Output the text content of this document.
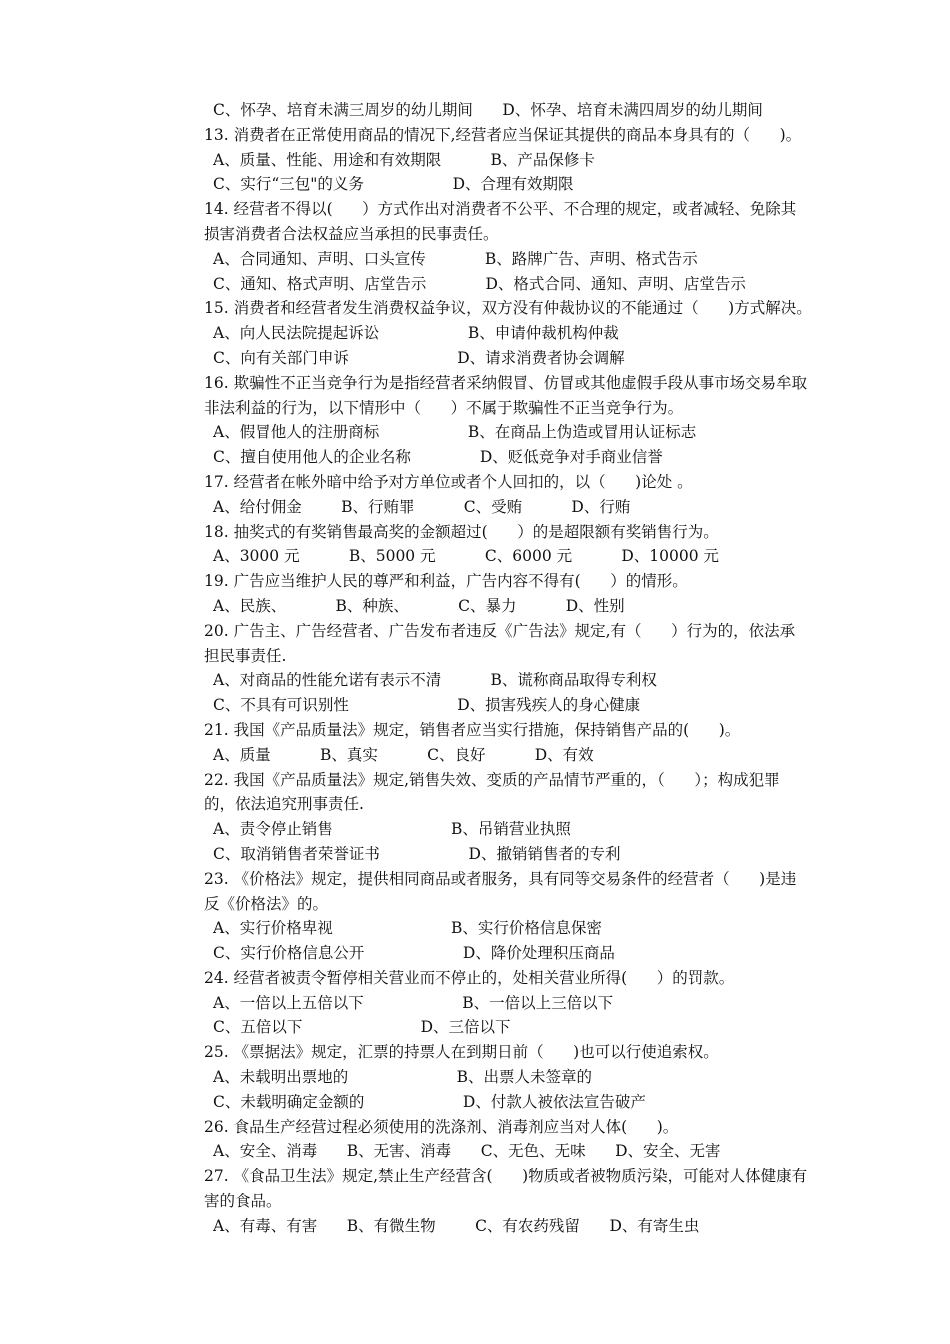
C、怀孕、培育未满三周岁的幼儿期间      D、怀孕、培育未满四周岁的幼儿期间
13. 消费者在正常使用商品的情况下,经营者应当保证其提供的商品本身具有的（      )。
A、质量、性能、用途和有效期限          B、产品保修卡
C、实行“三包"的义务                  D、合理有效期限
14. 经营者不得以(      ）方式作出对消费者不公平、不合理的规定，或者减轻、免除其
损害消费者合法权益应当承担的民事责任。
A、合同通知、声明、口头宣传            B、路牌广告、声明、格式告示
C、通知、格式声明、店堂告示            D、格式合同、通知、声明、店堂告示
15. 消费者和经营者发生消费权益争议，双方没有仲裁协议的不能通过（      )方式解决。
A、向人民法院提起诉讼                  B、申请仲裁机构仲裁
C、向有关部门申诉                      D、请求消费者协会调解
16. 欺骗性不正当竞争行为是指经营者采纳假冒、仿冒或其他虚假手段从事市场交易牟取
非法利益的行为，以下情形中（      ）不属于欺骗性不正当竞争行为。
A、假冒他人的注册商标                  B、在商品上伪造或冒用认证标志
C、擅自使用他人的企业名称              D、贬低竞争对手商业信誉
17. 经营者在帐外暗中给予对方单位或者个人回扣的，以（      )论处 。
A、给付佣金        B、行贿罪          C、受贿          D、行贿
18. 抽奖式的有奖销售最高奖的金额超过(      ）的是超限额有奖销售行为。
A、3000 元          B、5000 元          C、6000 元          D、10000 元
19. 广告应当维护人民的尊严和利益，广告内容不得有(      ）的情形。
A、民族、          B、种族、          C、暴力          D、性别
20. 广告主、广告经营者、广告发布者违反《广告法》规定,有（      ）行为的，依法承
担民事责任.
A、对商品的性能允诺有表示不清          B、谎称商品取得专利权
C、不具有可识别性                      D、损害残疾人的身心健康
21. 我国《产品质量法》规定，销售者应当实行措施，保持销售产品的(      )。
A、质量          B、真实          C、良好          D、有效
22. 我国《产品质量法》规定,销售失效、变质的产品情节严重的，（      ）；构成犯罪
的，依法追究刑事责任.
A、责令停止销售                        B、吊销营业执照
C、取消销售者荣誉证书                  D、撤销销售者的专利
23. 《价格法》规定，提供相同商品或者服务，具有同等交易条件的经营者（      )是违
反《价格法》的。
A、实行价格卑视                        B、实行价格信息保密
C、实行价格信息公开                    D、降价处理积压商品
24. 经营者被责令暂停相关营业而不停止的，处相关营业所得(      ）的罚款。
A、一倍以上五倍以下                    B、一倍以上三倍以下
C、五倍以下                        D、三倍以下
25. 《票据法》规定，汇票的持票人在到期日前（      )也可以行使追索权。
A、未载明出票地的                      B、出票人未签章的
C、未载明确定金额的                    D、付款人被依法宣告破产
26. 食品生产经营过程必须使用的洗涤剂、消毒剂应当对人体(      )。
A、安全、消毒      B、无害、消毒      C、无色、无味      D、安全、无害
27. 《食品卫生法》规定,禁止生产经营含(      )物质或者被物质污染，可能对人体健康有
害的食品。
A、有毒、有害      B、有微生物        C、有农药残留      D、有寄生虫
